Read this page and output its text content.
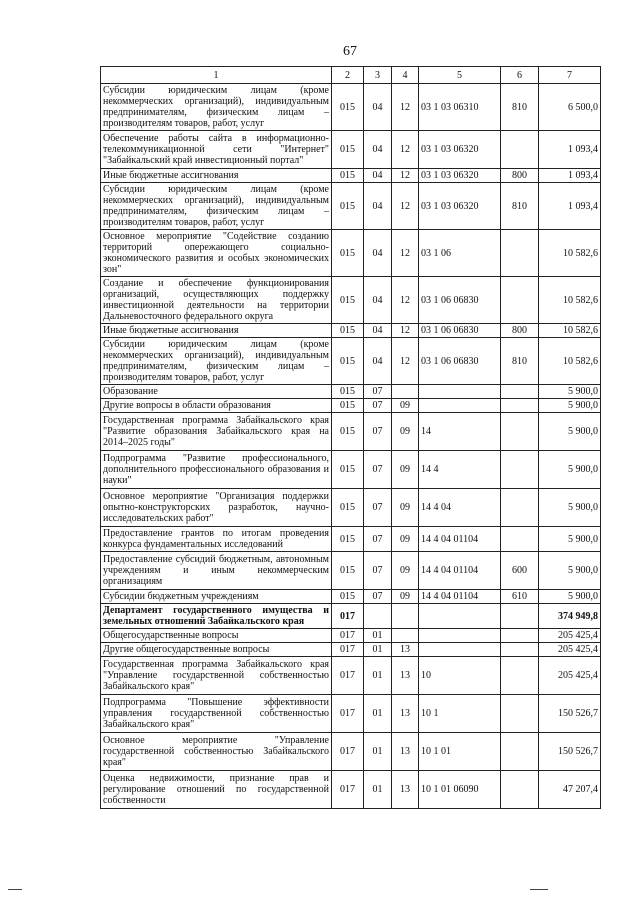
67
1	2	3	4	5	6	7
Субсидии юридическим лицам (кроме некоммерческих организаций), индивидуальным предпринимателям, физическим лицам – производителям товаров, работ, услуг	015	04	12	03 1 03 06310	810	6 500,0
Обеспечение работы сайта в информационно-телекоммуникационной сети "Интернет" "Забайкальский край инвестиционный портал"	015	04	12	03 1 03 06320		1 093,4
Иные бюджетные ассигнования	015	04	12	03 1 03 06320	800	1 093,4
Субсидии юридическим лицам (кроме некоммерческих организаций), индивидуальным предпринимателям, физическим лицам – производителям товаров, работ, услуг	015	04	12	03 1 03 06320	810	1 093,4
Основное мероприятие "Содействие созданию территорий опережающего социально-экономического развития и особых экономических зон"	015	04	12	03 1 06		10 582,6
Создание и обеспечение функционирования организаций, осуществляющих поддержку инвестиционной деятельности на территории Дальневосточного федерального округа	015	04	12	03 1 06 06830		10 582,6
Иные бюджетные ассигнования	015	04	12	03 1 06 06830	800	10 582,6
Субсидии юридическим лицам (кроме некоммерческих организаций), индивидуальным предпринимателям, физическим лицам – производителям товаров, работ, услуг	015	04	12	03 1 06 06830	810	10 582,6
Образование	015	07				5 900,0
Другие вопросы в области образования	015	07	09			5 900,0
Государственная программа Забайкальского края "Развитие образования Забайкальского края на 2014–2025 годы"	015	07	09	14		5 900,0
Подпрограмма "Развитие профессионального, дополнительного профессионального образования и науки"	015	07	09	14 4		5 900,0
Основное мероприятие "Организация поддержки опытно-конструкторских разработок, научно-исследовательских работ"	015	07	09	14 4 04		5 900,0
Предоставление грантов по итогам проведения конкурса фундаментальных исследований	015	07	09	14 4 04 01104		5 900,0
Предоставление субсидий бюджетным, автономным учреждениям и иным некоммерческим организациям	015	07	09	14 4 04 01104	600	5 900,0
Субсидии бюджетным учреждениям	015	07	09	14 4 04 01104	610	5 900,0
Департамент государственного имущества и земельных отношений Забайкальского края	017					374 949,8
Общегосударственные вопросы	017	01				205 425,4
Другие общегосударственные вопросы	017	01	13			205 425,4
Государственная программа Забайкальского края "Управление государственной собственностью Забайкальского края"	017	01	13	10		205 425,4
Подпрограмма "Повышение эффективности управления государственной собственностью Забайкальского края"	017	01	13	10 1		150 526,7
Основное мероприятие "Управление государственной собственностью Забайкальского края"	017	01	13	10 1 01		150 526,7
Оценка недвижимости, признание прав и регулирование отношений по государственной собственности	017	01	13	10 1 01 06090		47 207,4
